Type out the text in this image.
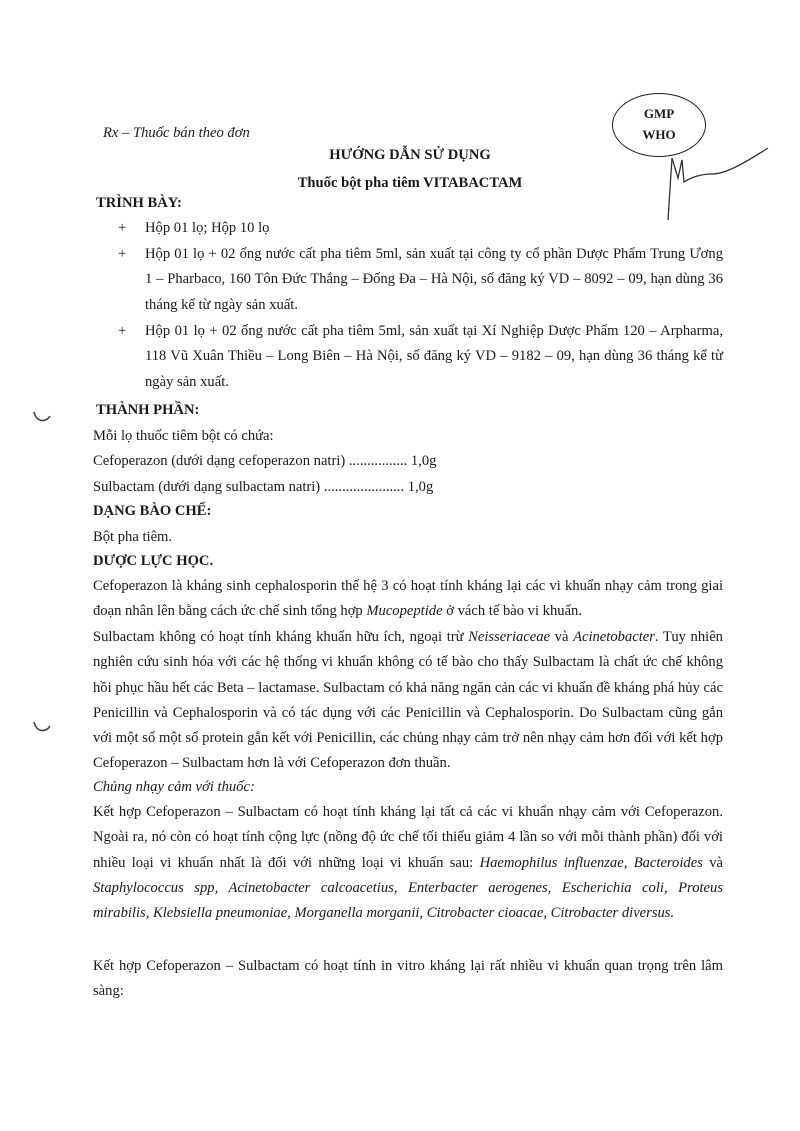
Rx – Thuốc bán theo đơn
GMP
WHO
HƯỚNG DẪN SỬ DỤNG
Thuốc bột pha tiêm VITABACTAM
TRÌNH BÀY:
+ Hộp 01 lọ; Hộp 10 lọ
+ Hộp 01 lọ + 02 ống nước cất pha tiêm 5ml, sản xuất tại công ty cổ phần Dược Phẩm Trung Ương 1 – Pharbaco, 160 Tôn Đức Thắng – Đống Đa – Hà Nội, số đăng ký VD – 8092 – 09, hạn dùng 36 tháng kể từ ngày sản xuất.
+ Hộp 01 lọ + 02 ống nước cất pha tiêm 5ml, sản xuất tại Xí Nghiệp Dược Phẩm 120 – Arpharma, 118 Vũ Xuân Thiều – Long Biên – Hà Nội, số đăng ký VD – 9182 – 09, hạn dùng 36 tháng kể từ ngày sản xuất.
THÀNH PHẦN:
Mỗi lọ thuốc tiêm bột có chứa:
Cefoperazon (dưới dạng cefoperazon natri) ................ 1,0g
Sulbactam (dưới dạng sulbactam natri) ...................... 1,0g
DẠNG BÀO CHẾ:
Bột pha tiêm.
DƯỢC LỰC HỌC.
Cefoperazon là kháng sinh cephalosporin thế hệ 3 có hoạt tính kháng lại các vi khuẩn nhạy cảm trong giai đoạn nhân lên bằng cách ức chế sinh tổng hợp Mucopeptide ở vách tế bào vi khuẩn.
Sulbactam không có hoạt tính kháng khuẩn hữu ích, ngoại trừ Neisseriaceae và Acinetobacter. Tuy nhiên nghiên cứu sinh hóa với các hệ thống vi khuẩn không có tế bào cho thấy Sulbactam là chất ức chế không hồi phục hầu hết các Beta – lactamase. Sulbactam có khả năng ngăn cản các vi khuẩn đề kháng phá hủy các Penicillin và Cephalosporin và có tác dụng với các Penicillin và Cephalosporin. Do Sulbactam cũng gắn với một số một số protein gắn kết với Penicillin, các chủng nhạy cảm trở nên nhạy cảm hơn đối với kết hợp Cefoperazon – Sulbactam hơn là với Cefoperazon đơn thuần.
Chủng nhạy cảm với thuốc:
Kết hợp Cefoperazon – Sulbactam có hoạt tính kháng lại tất cả các vi khuẩn nhạy cảm với Cefoperazon. Ngoài ra, nó còn có hoạt tính cộng lực (nồng độ ức chế tối thiểu giảm 4 lần so với mỗi thành phần) đối với nhiều loại vi khuẩn nhất là đối với những loại vi khuẩn sau: Haemophilus influenzae, Bacteroides và Staphylococcus spp, Acinetobacter calcoacetius, Enterbacter aerogenes, Escherichia coli, Proteus mirabilis, Klebsiella pneumoniae, Morganella morganii, Citrobacter cioacae, Citrobacter diversus.
Kết hợp Cefoperazon – Sulbactam có hoạt tính in vitro kháng lại rất nhiều vi khuẩn quan trọng trên lâm sàng:
